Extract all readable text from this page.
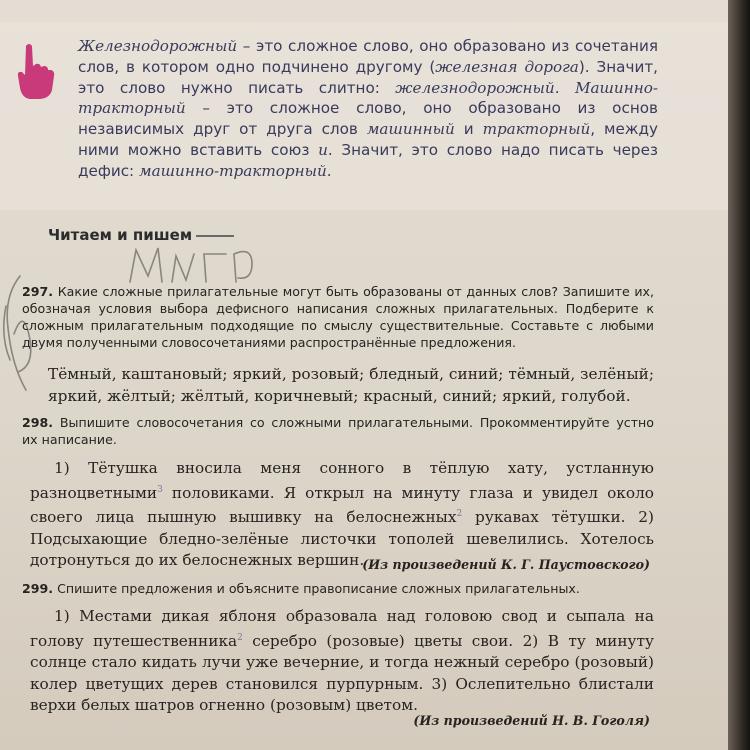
Железнодорожный – это сложное слово, оно образовано из сочетания слов, в котором одно подчинено другому (железная дорога). Значит, это слово нужно писать слитно: железнодорожный. Машинно-тракторный – это сложное слово, оно образовано из основ независимых друг от друга слов машинный и тракторный, между ними можно вставить союз и. Значит, это слово надо писать через дефис: машинно-тракторный.

Читаем и пишем

297. Какие сложные прилагательные могут быть образованы от данных слов? Запишите их, обозначая условия выбора дефисного написания сложных прилагательных. Подберите к сложным прилагательным подходящие по смыслу существительные. Составьте с любыми двумя полученными словосочетаниями распространённые предложения.

Тёмный, каштановый; яркий, розовый; бледный, синий; тёмный, зелёный; яркий, жёлтый; жёлтый, коричневый; красный, синий; яркий, голубой.

298. Выпишите словосочетания со сложными прилагательными. Прокомментируйте устно их написание.

1) Тётушка вносила меня сонного в тёплую хату, устланную разноцветными$^3$ половиками. Я открыл на минуту глаза и увидел около своего лица пышную вышивку на белоснежных$^2$ рукавах тётушки. 2) Подсыхающие бледно-зелёные листочки тополей шевелились. Хотелось дотронуться до их белоснежных вершин.

(Из произведений К. Г. Паустовского)

299. Спишите предложения и объясните правописание сложных прилагательных.

1) Местами дикая яблоня образовала над головою свод и сыпала на голову путешественника$^2$ серебро (розовые) цветы свои. 2) В ту минуту солнце стало кидать лучи уже вечерние, и тогда нежный серебро (розовый) колер цветущих дерев становился пурпурным. 3) Ослепительно блистали верхи белых шатров огненно (розовым) цветом.

(Из произведений Н. В. Гоголя)
